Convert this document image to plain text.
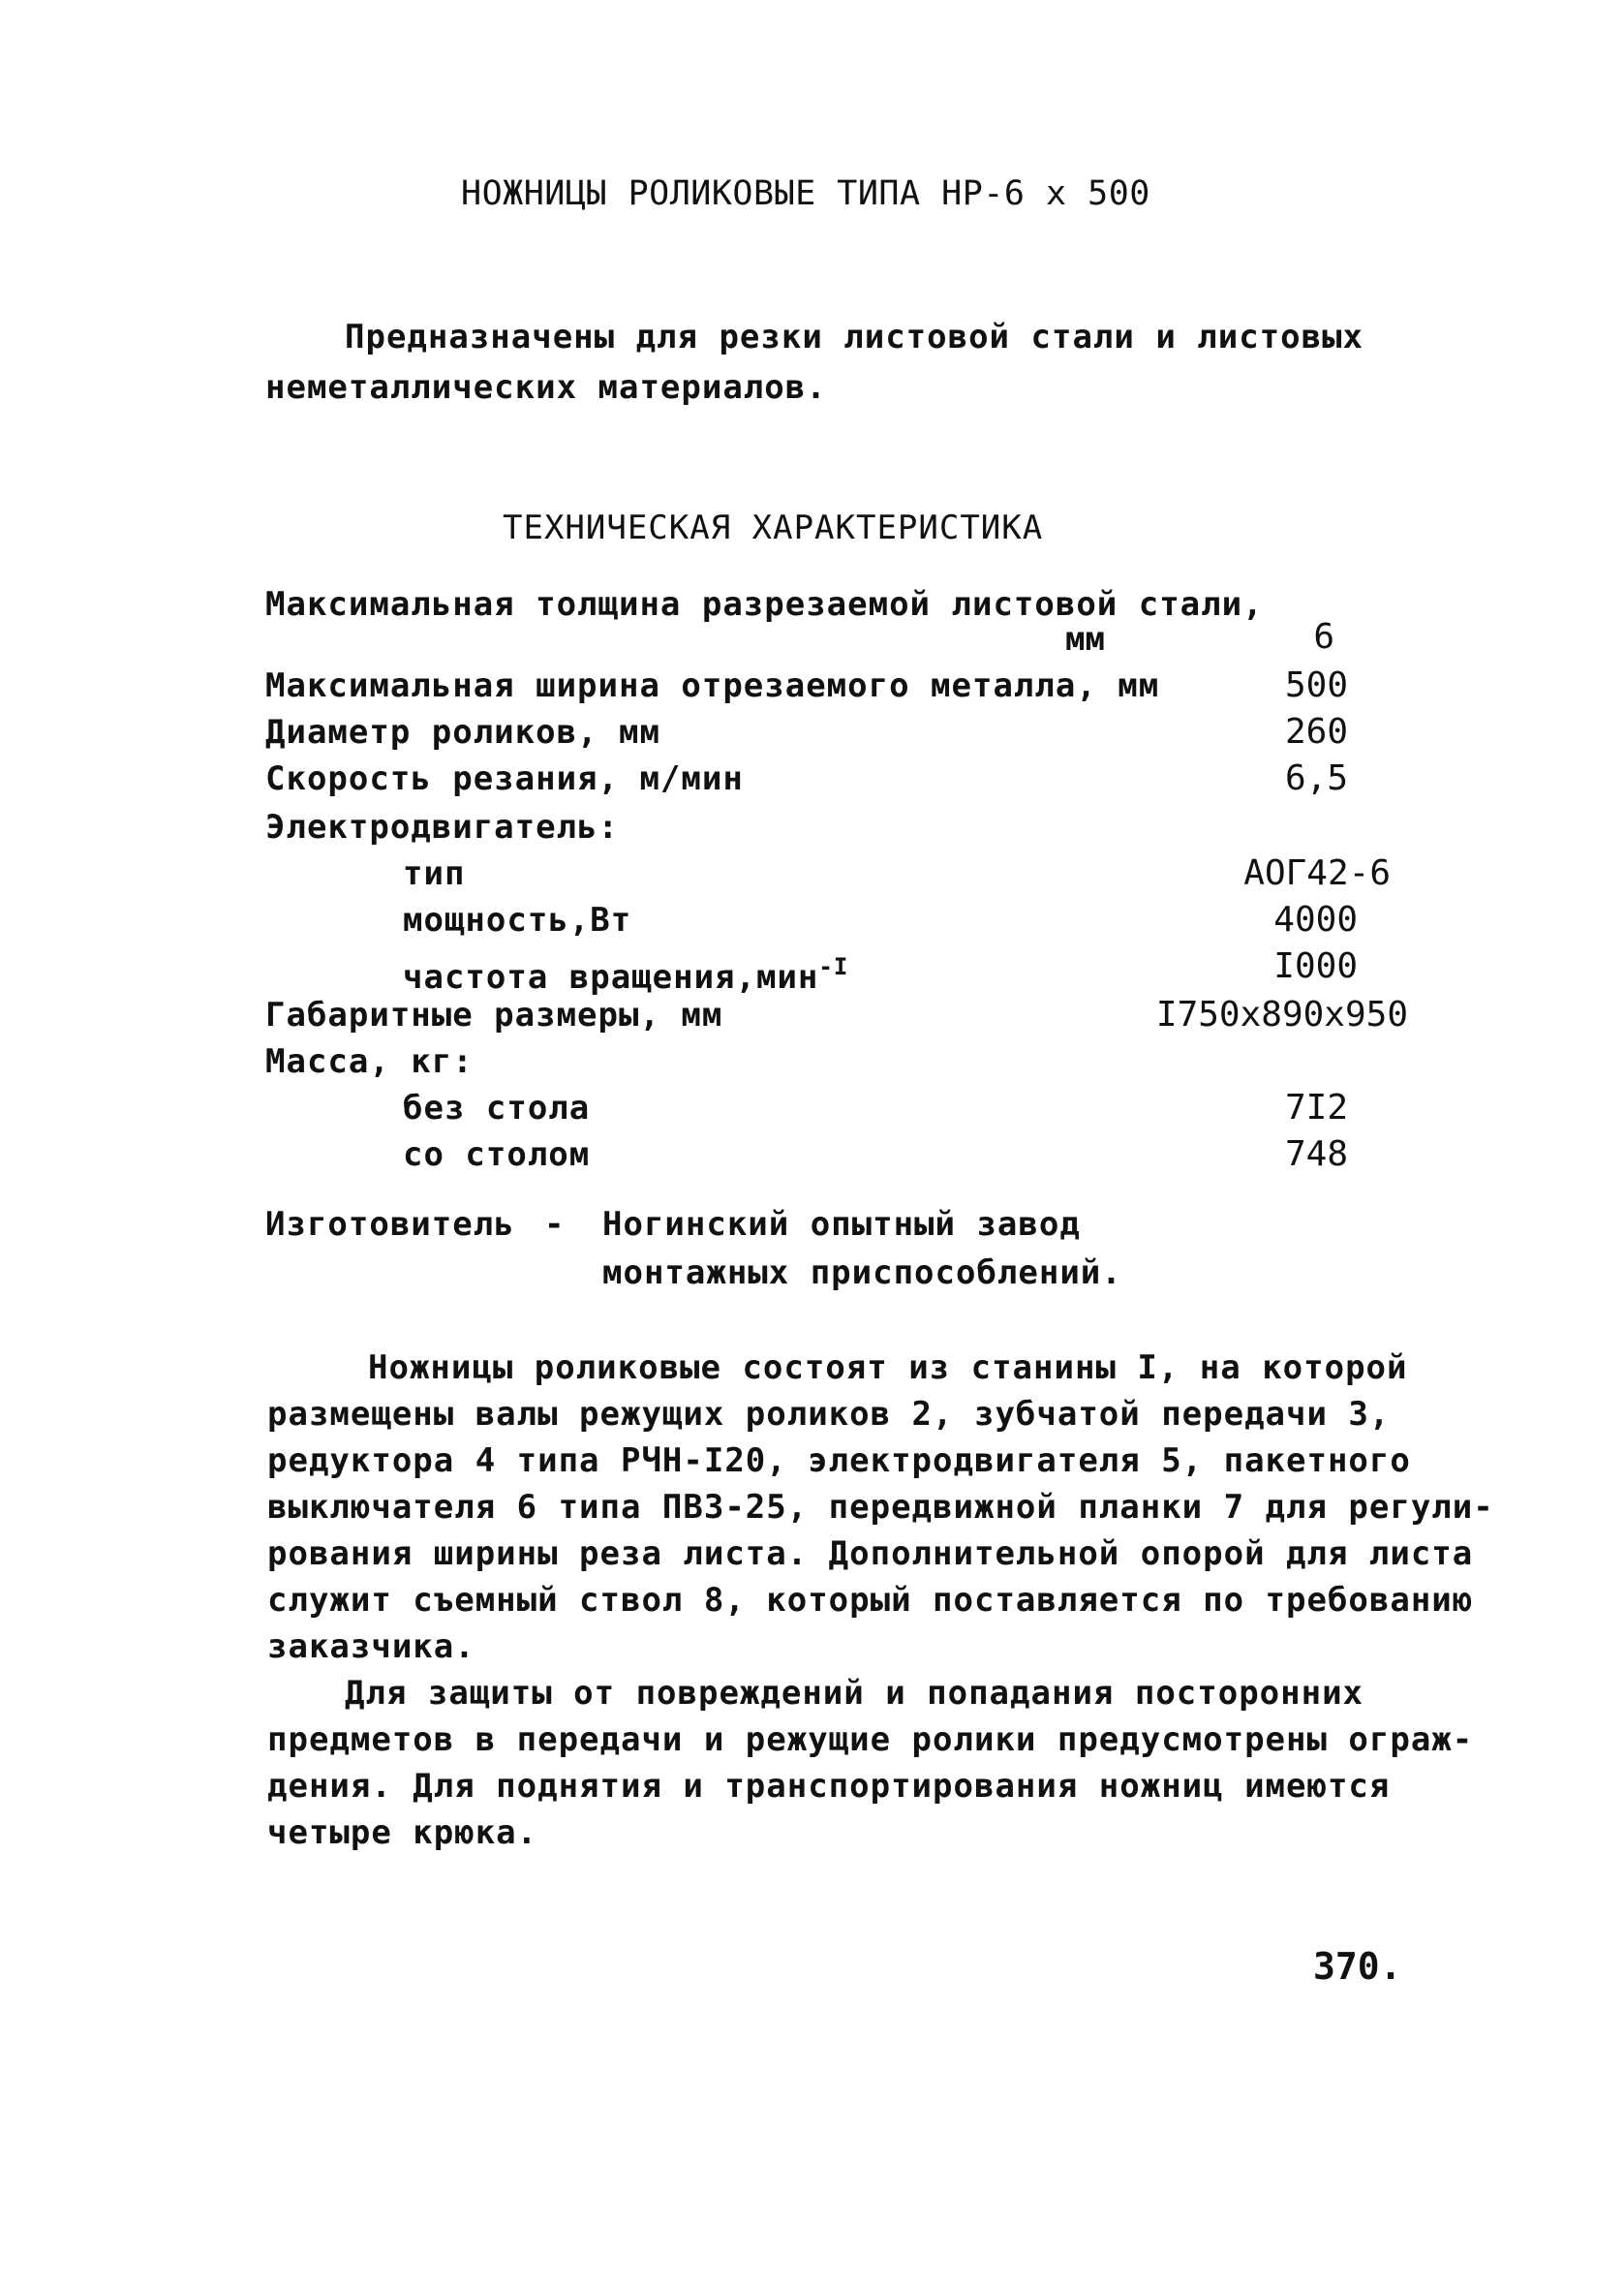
НОЖНИЦЫ РОЛИКОВЫЕ ТИПА НР-6 х 500
Предназначены для резки листовой стали и листовых
неметаллических материалов.
ТЕХНИЧЕСКАЯ ХАРАКТЕРИСТИКА
Максимальная толщина разрезаемой листовой стали,
мм	6
Максимальная ширина отрезаемого металла, мм	500
Диаметр роликов, мм	260
Скорость резания, м/мин	6,5
Электродвигатель:
тип	АОГ42-6
мощность,Вт	4000
частота вращения,мин$^{-I}$	I000
Габаритные размеры, мм	I750х890х950
Масса, кг:
без стола	7I2
со столом	748
Изготовитель - Ногинский опытный завод
монтажных приспособлений.
Ножницы роликовые состоят из станины I, на которой
размещены валы режущих роликов 2, зубчатой передачи 3,
редуктора 4 типа РЧН-I20, электродвигателя 5, пакетного
выключателя 6 типа ПВ3-25, передвижной планки 7 для регули-
рования ширины реза листа. Дополнительной опорой для листа
служит съемный ствол 8, который поставляется по требованию
заказчика.
Для защиты от повреждений и попадания посторонних
предметов в передачи и режущие ролики предусмотрены ограж-
дения. Для поднятия и транспортирования ножниц имеются
четыре крюка.
370.
